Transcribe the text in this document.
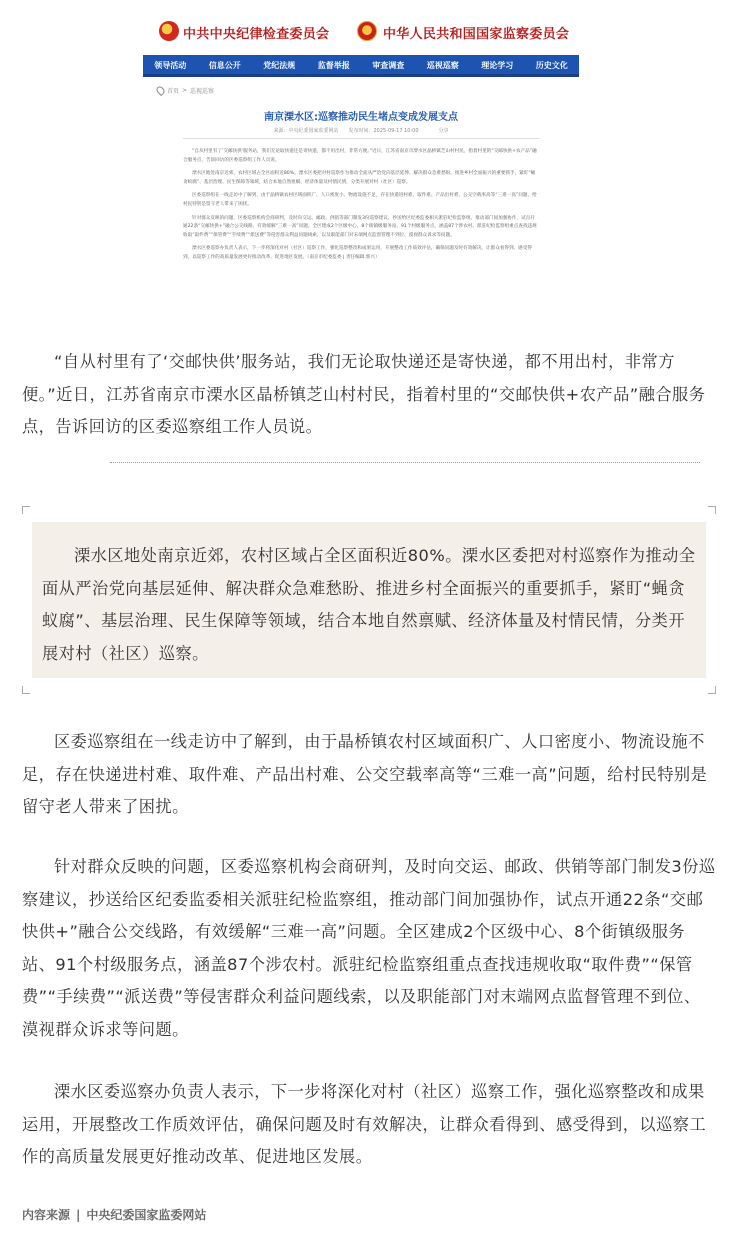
中共中央纪律检查委员会	中华人民共和国国家监察委员会
领导活动	信息公开	党纪法规	监督举报	审查调查	巡视巡察	理论学习	历史文化
首页 > 巡视巡察
南京溧水区:巡察推动民生堵点变成发展支点
来源：中央纪委国家监委网站　　发布时间：2025-09-17 10:00　　　　分享

“自从村里有了‘交邮快供’服务站，我们无论取快递还是寄快递，都不用出村，非常方便。”近日，江苏省南京市溧水区晶桥镇芝山村村民，指着村里的“交邮快供+农产品”融合服务点，告诉回访的区委巡察组工作人员说。

溧水区地处南京近郊，农村区域占全区面积近80%。溧水区委把对村巡察作为推动全面从严治党向基层延伸、解决群众急难愁盼、推进乡村全面振兴的重要抓手，紧盯“蝇贪蚁腐”、基层治理、民生保障等领域，结合本地自然禀赋、经济体量及村情民情，分类开展对村（社区）巡察。

区委巡察组在一线走访中了解到，由于晶桥镇农村区域面积广、人口密度小、物流设施不足，存在快递进村难、取件难、产品出村难、公交空载率高等“三难一高”问题，给村民特别是留守老人带来了困扰。

针对群众反映的问题，区委巡察机构会商研判，及时向交运、邮政、供销等部门制发3份巡察建议，抄送给区纪委监委相关派驻纪检监察组，推动部门间加强协作，试点开通22条“交邮快供+”融合公交线路，有效缓解“三难一高”问题。全区建成2个区级中心、8个街镇级服务站、91个村级服务点，涵盖87个涉农村。派驻纪检监察组重点查找违规收取“取件费”“保管费”“手续费”“派送费”等侵害群众利益问题线索，以及职能部门对末端网点监督管理不到位、漠视群众诉求等问题。

溧水区委巡察办负责人表示，下一步将深化对村（社区）巡察工作，强化巡察整改和成果运用，开展整改工作质效评估，确保问题及时有效解决，让群众看得到、感受得到，以巡察工作的高质量发展更好推动改革、促进地区发展。（南京市纪委监委 | 责任编辑 郭兴）

“自从村里有了‘交邮快供’服务站，我们无论取快递还是寄快递，都不用出村，非常方便。”近日，江苏省南京市溧水区晶桥镇芝山村村民，指着村里的“交邮快供+农产品”融合服务点，告诉回访的区委巡察组工作人员说。

溧水区地处南京近郊，农村区域占全区面积近80%。溧水区委把对村巡察作为推动全面从严治党向基层延伸、解决群众急难愁盼、推进乡村全面振兴的重要抓手，紧盯“蝇贪蚁腐”、基层治理、民生保障等领域，结合本地自然禀赋、经济体量及村情民情，分类开展对村（社区）巡察。

区委巡察组在一线走访中了解到，由于晶桥镇农村区域面积广、人口密度小、物流设施不足，存在快递进村难、取件难、产品出村难、公交空载率高等“三难一高”问题，给村民特别是留守老人带来了困扰。

针对群众反映的问题，区委巡察机构会商研判，及时向交运、邮政、供销等部门制发3份巡察建议，抄送给区纪委监委相关派驻纪检监察组，推动部门间加强协作，试点开通22条“交邮快供+”融合公交线路，有效缓解“三难一高”问题。全区建成2个区级中心、8个街镇级服务站、91个村级服务点，涵盖87个涉农村。派驻纪检监察组重点查找违规收取“取件费”“保管费”“手续费”“派送费”等侵害群众利益问题线索，以及职能部门对末端网点监督管理不到位、漠视群众诉求等问题。

溧水区委巡察办负责人表示，下一步将深化对村（社区）巡察工作，强化巡察整改和成果运用，开展整改工作质效评估，确保问题及时有效解决，让群众看得到、感受得到，以巡察工作的高质量发展更好推动改革、促进地区发展。

内容来源 | 中央纪委国家监委网站
